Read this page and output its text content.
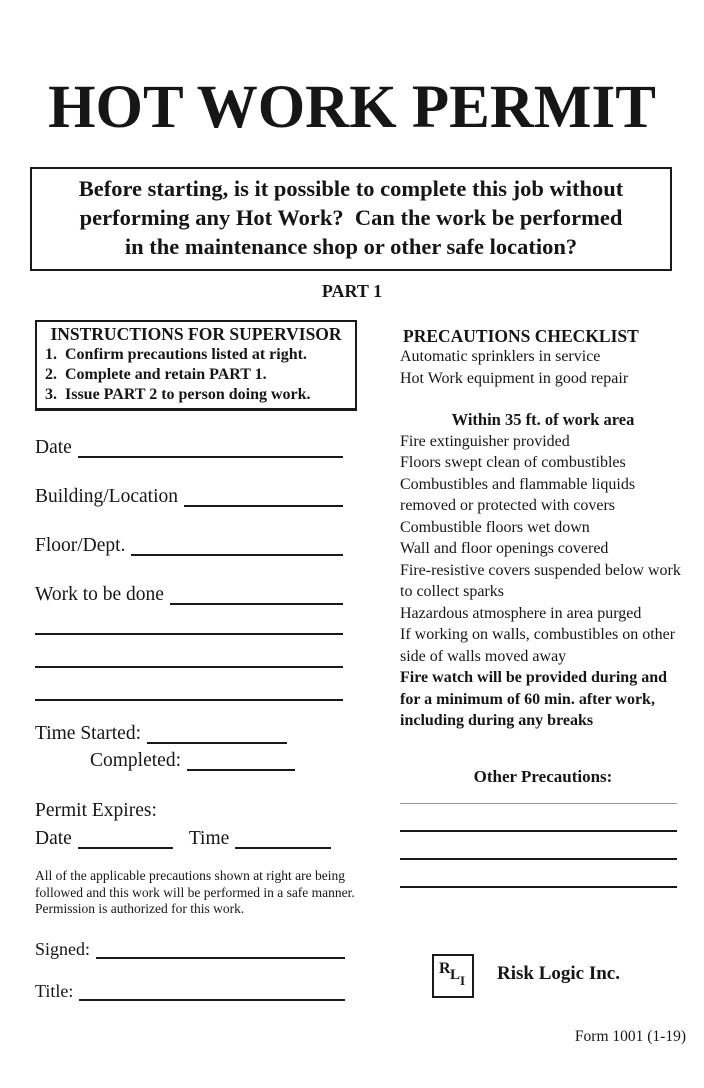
HOT WORK PERMIT
Before starting, is it possible to complete this job without
performing any Hot Work?  Can the work be performed
in the maintenance shop or other safe location?
PART 1
INSTRUCTIONS FOR SUPERVISOR
1.  Confirm precautions listed at right.
2.  Complete and retain PART 1.
3.  Issue PART 2 to person doing work.
Date
Building/Location
Floor/Dept.
Work to be done
Time Started:
Completed:
Permit Expires:
Date	Time
All of the applicable precautions shown at right are being followed and this work will be performed in a safe manner.  Permission is authorized for this work.
Signed:
Title:
PRECAUTIONS CHECKLIST
Automatic sprinklers in service
Hot Work equipment in good repair
Within 35 ft. of work area
Fire extinguisher provided
Floors swept clean of combustibles
Combustibles and flammable liquids removed or protected with covers
Combustible floors wet down
Wall and floor openings covered
Fire-resistive covers suspended below work to collect sparks
Hazardous atmosphere in area purged
If working on walls, combustibles on other side of walls moved away
Fire watch will be provided during and for a minimum of 60 min. after work, including during any breaks
Other Precautions:
R L I Risk Logic Inc.
Form 1001 (1-19)
